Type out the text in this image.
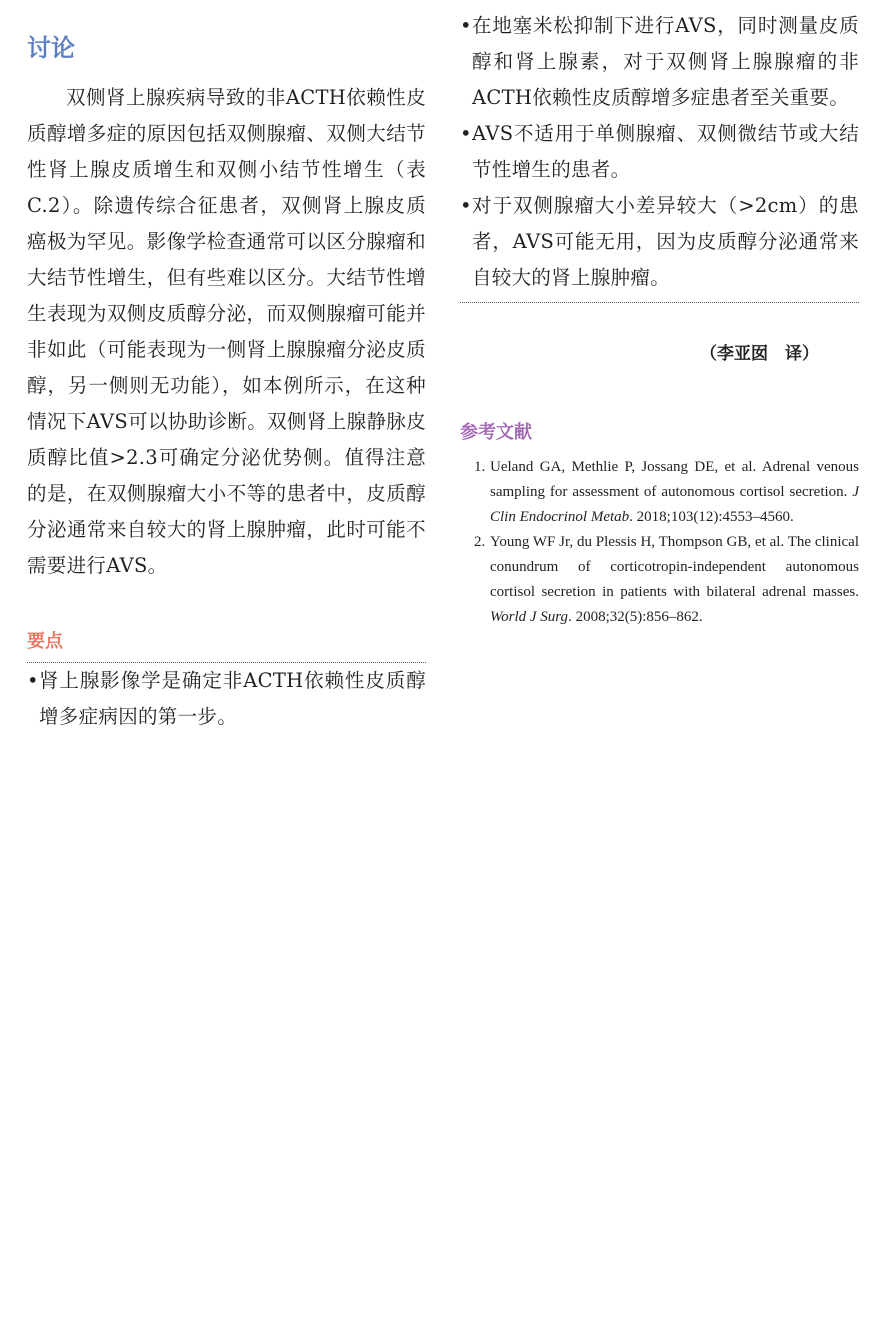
讨论

双侧肾上腺疾病导致的非ACTH依赖性皮质醇增多症的原因包括双侧腺瘤、双侧大结节性肾上腺皮质增生和双侧小结节性增生（表C.2）。除遗传综合征患者，双侧肾上腺皮质癌极为罕见。影像学检查通常可以区分腺瘤和大结节性增生，但有些难以区分。大结节性增生表现为双侧皮质醇分泌，而双侧腺瘤可能并非如此（可能表现为一侧肾上腺腺瘤分泌皮质醇，另一侧则无功能），如本例所示，在这种情况下AVS可以协助诊断。双侧肾上腺静脉皮质醇比值>2.3可确定分泌优势侧。值得注意的是，在双侧腺瘤大小不等的患者中，皮质醇分泌通常来自较大的肾上腺肿瘤，此时可能不需要进行AVS。

要点
• 肾上腺影像学是确定非ACTH依赖性皮质醇增多症病因的第一步。
• 在地塞米松抑制下进行AVS，同时测量皮质醇和肾上腺素，对于双侧肾上腺腺瘤的非ACTH依赖性皮质醇增多症患者至关重要。
• AVS不适用于单侧腺瘤、双侧微结节或大结节性增生的患者。
• 对于双侧腺瘤大小差异较大（>2cm）的患者，AVS可能无用，因为皮质醇分泌通常来自较大的肾上腺肿瘤。
（李亚囡　译）
参考文献
1. Ueland GA, Methlie P, Jossang DE, et al. Adrenal venous sampling for assessment of autonomous cortisol secretion. J Clin Endocrinol Metab. 2018;103(12):4553–4560.
2. Young WF Jr, du Plessis H, Thompson GB, et al. The clinical conundrum of corticotropin-independent autonomous cortisol secretion in patients with bilateral adrenal masses. World J Surg. 2008;32(5):856–862.
